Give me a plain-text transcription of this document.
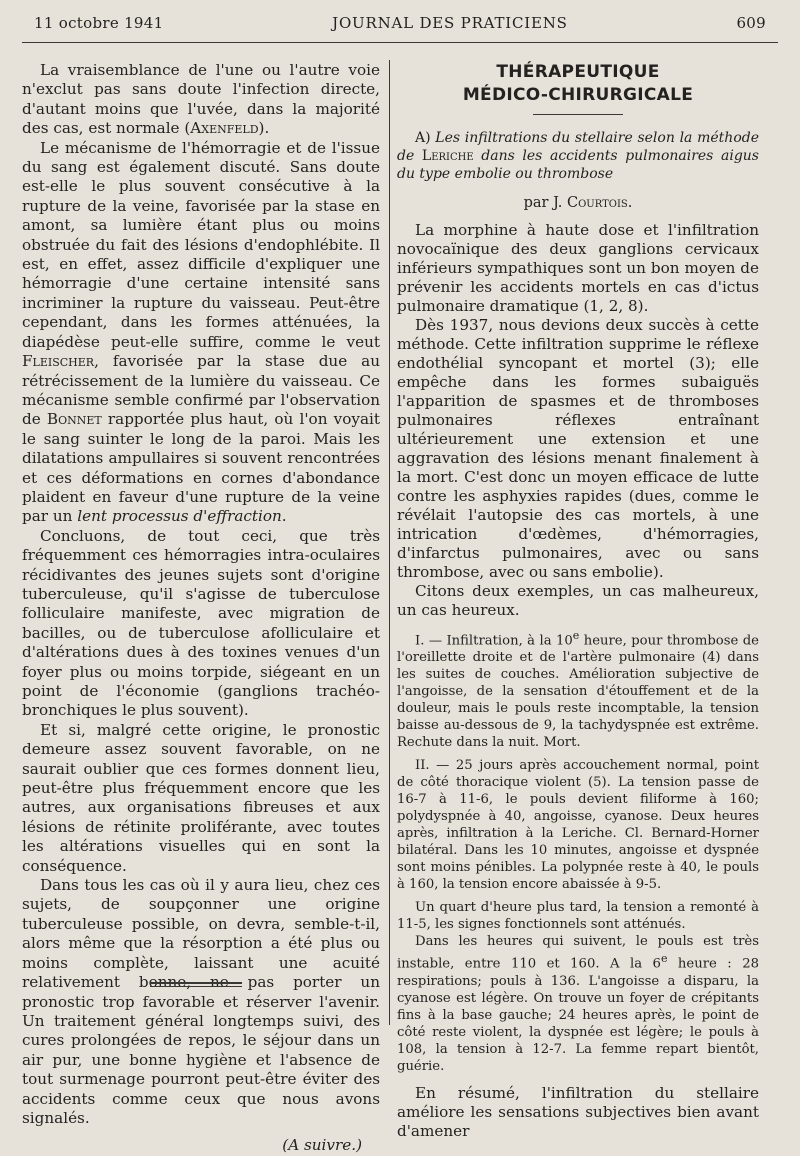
11 octobre 1941	JOURNAL DES PRATICIENS	609

La vraisemblance de l'une ou l'autre voie n'exclut pas sans doute l'infection directe, d'autant moins que l'uvée, dans la majorité des cas, est normale (Axenfeld).

Le mécanisme de l'hémorragie et de l'issue du sang est également discuté. Sans doute est-elle le plus souvent consécutive à la rupture de la veine, favorisée par la stase en amont, sa lumière étant plus ou moins obstruée du fait des lésions d'endophlébite. Il est, en effet, assez difficile d'expliquer une hémorragie d'une certaine intensité sans incriminer la rupture du vaisseau. Peut-être cependant, dans les formes atténuées, la diapédèse peut-elle suffire, comme le veut Fleischer, favorisée par la stase due au rétrécissement de la lumière du vaisseau. Ce mécanisme semble confirmé par l'observation de Bonnet rapportée plus haut, où l'on voyait le sang suinter le long de la paroi. Mais les dilatations ampullaires si souvent rencontrées et ces déformations en cornes d'abondance plaident en faveur d'une rupture de la veine par un lent processus d'effraction.

Concluons, de tout ceci, que très fréquemment ces hémorragies intra-oculaires récidivantes des jeunes sujets sont d'origine tuberculeuse, qu'il s'agisse de tuberculose folliculaire manifeste, avec migration de bacilles, ou de tuberculose afolliculaire et d'altérations dues à des toxines venues d'un foyer plus ou moins torpide, siégeant en un point de l'économie (ganglions trachéo-bronchiques le plus souvent).

Et si, malgré cette origine, le pronostic demeure assez souvent favorable, on ne saurait oublier que ces formes donnent lieu, peut-être plus fréquemment encore que les autres, aux organisations fibreuses et aux lésions de rétinite proliférante, avec toutes les altérations visuelles qui en sont la conséquence.

Dans tous les cas où il y aura lieu, chez ces sujets, de soupçonner une origine tuberculeuse possible, on devra, semble-t-il, alors même que la résorption a été plus ou moins complète, laissant une acuité relativement bonne, ne pas porter un pronostic trop favorable et réserver l'avenir. Un traitement général longtemps suivi, des cures prolongées de repos, le séjour dans un air pur, une bonne hygiène et l'absence de tout surmenage pourront peut-être éviter des accidents comme ceux que nous avons signalés.

(A suivre.)
THÉRAPEUTIQUE
MÉDICO-CHIRURGICALE

A) Les infiltrations du stellaire selon la méthode de Leriche dans les accidents pulmonaires aigus du type embolie ou thrombose

par J. Courtois.

La morphine à haute dose et l'infiltration novocaïnique des deux ganglions cervicaux inférieurs sympathiques sont un bon moyen de prévenir les accidents mortels en cas d'ictus pulmonaire dramatique (1, 2, 8).

Dès 1937, nous devions deux succès à cette méthode. Cette infiltration supprime le réflexe endothélial syncopant et mortel (3); elle empêche dans les formes subaiguës l'apparition de spasmes et de thromboses pulmonaires réflexes entraînant ultérieurement une extension et une aggravation des lésions menant finalement à la mort. C'est donc un moyen efficace de lutte contre les asphyxies rapides (dues, comme le révélait l'autopsie des cas mortels, à une intrication d'œdèmes, d'hémorragies, d'infarctus pulmonaires, avec ou sans thrombose, avec ou sans embolie).

Citons deux exemples, un cas malheureux, un cas heureux.

I. — Infiltration, à la 10e heure, pour thrombose de l'oreillette droite et de l'artère pulmonaire (4) dans les suites de couches. Amélioration subjective de l'angoisse, de la sensation d'étouffement et de la douleur, mais le pouls reste incomptable, la tension baisse au-dessous de 9, la tachydyspnée est extrême. Rechute dans la nuit. Mort.

II. — 25 jours après accouchement normal, point de côté thoracique violent (5). La tension passe de 16-7 à 11-6, le pouls devient filiforme à 160; polydyspnée à 40, angoisse, cyanose. Deux heures après, infiltration à la Leriche. Cl. Bernard-Horner bilatéral. Dans les 10 minutes, angoisse et dyspnée sont moins pénibles. La polypnée reste à 40, le pouls à 160, la tension encore abaissée à 9-5.

Un quart d'heure plus tard, la tension a remonté à 11-5, les signes fonctionnels sont atténués.

Dans les heures qui suivent, le pouls est très instable, entre 110 et 160. A la 6e heure : 28 respirations; pouls à 136. L'angoisse a disparu, la cyanose est légère. On trouve un foyer de crépitants fins à la base gauche; 24 heures après, le point de côté reste violent, la dyspnée est légère; le pouls à 108, la tension à 12-7. La femme repart bientôt, guérie.

En résumé, l'infiltration du stellaire améliore les sensations subjectives bien avant d'amener
